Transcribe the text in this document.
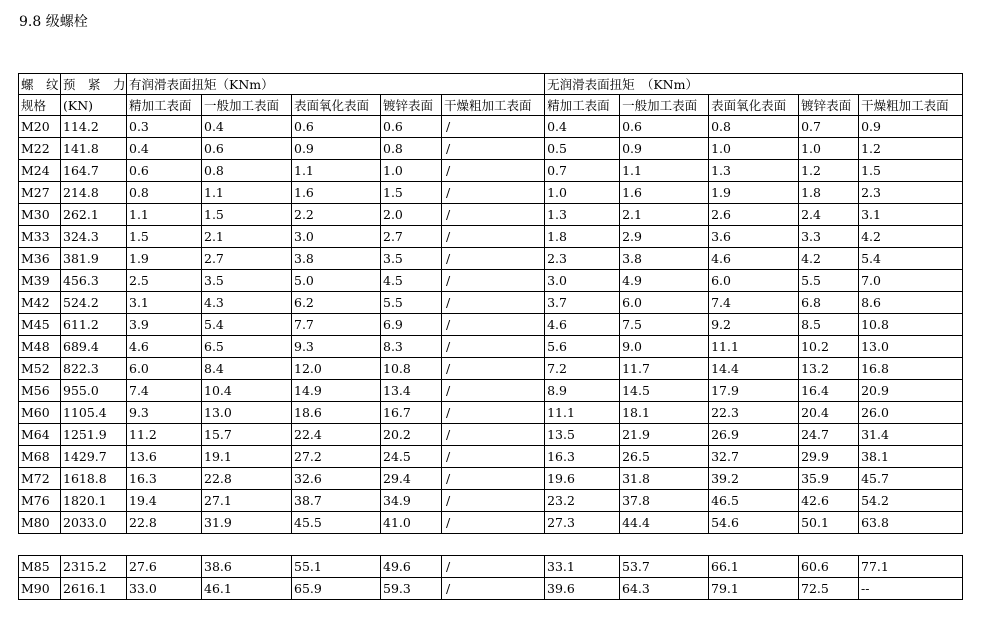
9.8 级螺栓
螺　纹	预　紧　力	有润滑表面扭矩（KNm）					无润滑表面扭矩　（KNm）				
规格	(KN)	精加工表面	一般加工表面	表面氧化表面	镀锌表面	干燥粗加工表面	精加工表面	一般加工表面	表面氧化表面	镀锌表面	干燥粗加工表面
M20	114.2	0.3	0.4	0.6	0.6	/	0.4	0.6	0.8	0.7	0.9
M22	141.8	0.4	0.6	0.9	0.8	/	0.5	0.9	1.0	1.0	1.2
M24	164.7	0.6	0.8	1.1	1.0	/	0.7	1.1	1.3	1.2	1.5
M27	214.8	0.8	1.1	1.6	1.5	/	1.0	1.6	1.9	1.8	2.3
M30	262.1	1.1	1.5	2.2	2.0	/	1.3	2.1	2.6	2.4	3.1
M33	324.3	1.5	2.1	3.0	2.7	/	1.8	2.9	3.6	3.3	4.2
M36	381.9	1.9	2.7	3.8	3.5	/	2.3	3.8	4.6	4.2	5.4
M39	456.3	2.5	3.5	5.0	4.5	/	3.0	4.9	6.0	5.5	7.0
M42	524.2	3.1	4.3	6.2	5.5	/	3.7	6.0	7.4	6.8	8.6
M45	611.2	3.9	5.4	7.7	6.9	/	4.6	7.5	9.2	8.5	10.8
M48	689.4	4.6	6.5	9.3	8.3	/	5.6	9.0	11.1	10.2	13.0
M52	822.3	6.0	8.4	12.0	10.8	/	7.2	11.7	14.4	13.2	16.8
M56	955.0	7.4	10.4	14.9	13.4	/	8.9	14.5	17.9	16.4	20.9
M60	1105.4	9.3	13.0	18.6	16.7	/	11.1	18.1	22.3	20.4	26.0
M64	1251.9	11.2	15.7	22.4	20.2	/	13.5	21.9	26.9	24.7	31.4
M68	1429.7	13.6	19.1	27.2	24.5	/	16.3	26.5	32.7	29.9	38.1
M72	1618.8	16.3	22.8	32.6	29.4	/	19.6	31.8	39.2	35.9	45.7
M76	1820.1	19.4	27.1	38.7	34.9	/	23.2	37.8	46.5	42.6	54.2
M80	2033.0	22.8	31.9	45.5	41.0	/	27.3	44.4	54.6	50.1	63.8
M85	2315.2	27.6	38.6	55.1	49.6	/	33.1	53.7	66.1	60.6	77.1
M90	2616.1	33.0	46.1	65.9	59.3	/	39.6	64.3	79.1	72.5	--
